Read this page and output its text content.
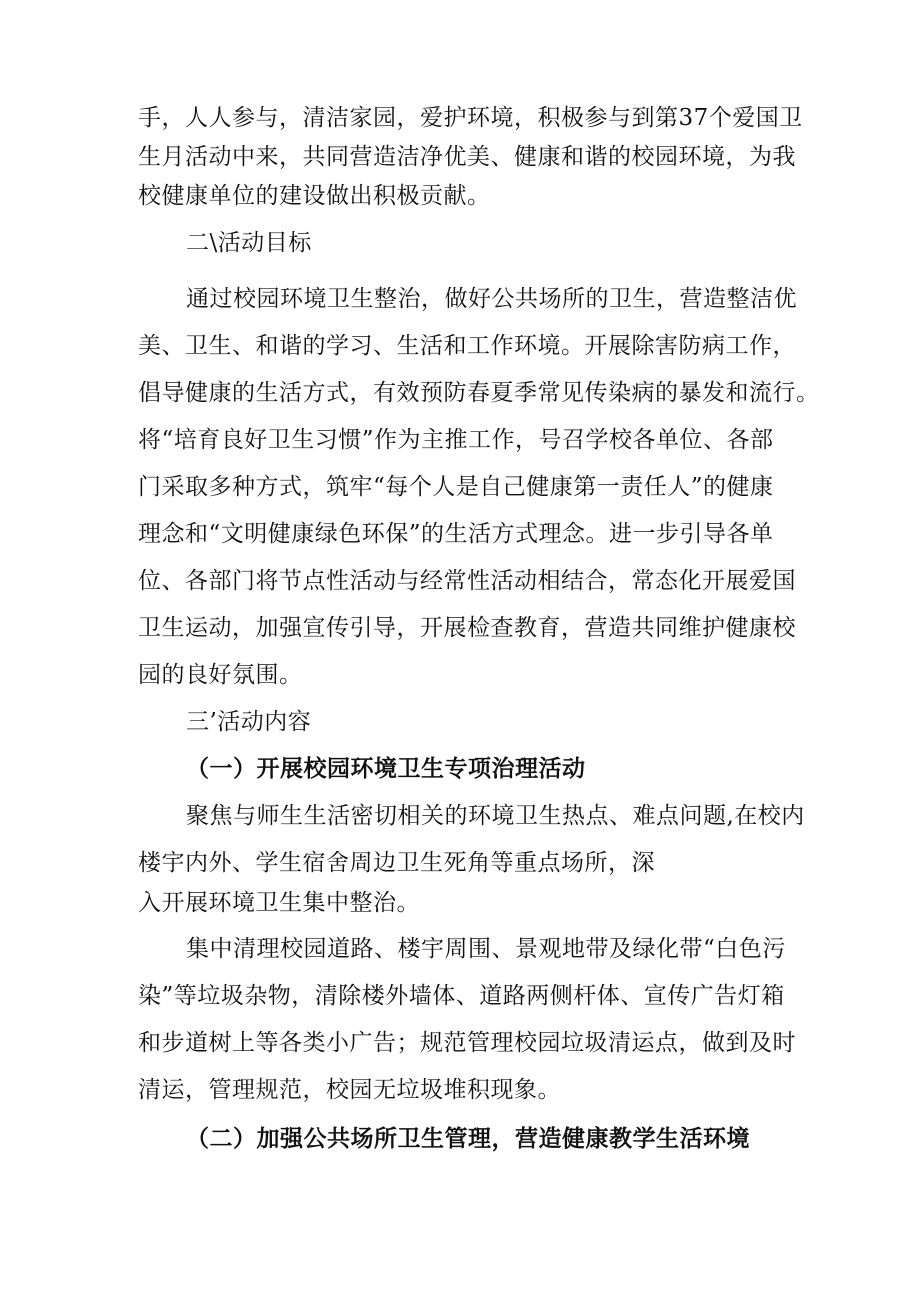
手，人人参与，清洁家园，爱护环境，积极参与到第37个爱国卫
生月活动中来，共同营造洁净优美、健康和谐的校园环境，为我
校健康单位的建设做出积极贡献。
二\活动目标
通过校园环境卫生整治，做好公共场所的卫生，营造整洁优
美、卫生、和谐的学习、生活和工作环境。开展除害防病工作，
倡导健康的生活方式，有效预防春夏季常见传染病的暴发和流行。
将“培育良好卫生习惯”作为主推工作，号召学校各单位、各部
门采取多种方式，筑牢“每个人是自己健康第一责任人”的健康
理念和“文明健康绿色环保”的生活方式理念。进一步引导各单
位、各部门将节点性活动与经常性活动相结合，常态化开展爱国
卫生运动，加强宣传引导，开展检查教育，营造共同维护健康校
园的良好氛围。
三’活动内容
（一）开展校园环境卫生专项治理活动
聚焦与师生生活密切相关的环境卫生热点、难点问题,在校内
楼宇内外、学生宿舍周边卫生死角等重点场所，深
入开展环境卫生集中整治。
集中清理校园道路、楼宇周围、景观地带及绿化带“白色污
染”等垃圾杂物，清除楼外墙体、道路两侧杆体、宣传广告灯箱
和步道树上等各类小广告；规范管理校园垃圾清运点，做到及时
清运，管理规范，校园无垃圾堆积现象。
（二）加强公共场所卫生管理，营造健康教学生活环境
